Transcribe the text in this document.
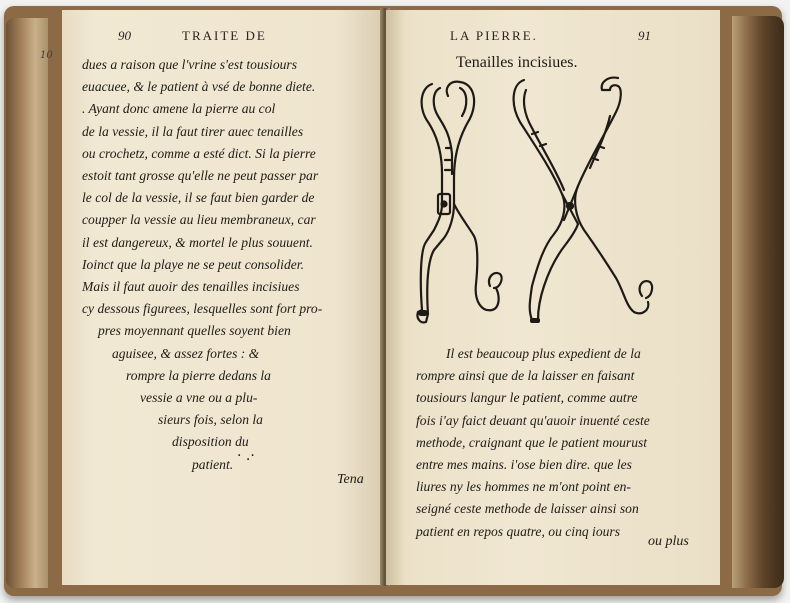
90	TRAITE DE
dues a raison que l'vrine s'est tousiours
euacuee, & le patient à vsé de bonne diete.
. Ayant donc amene la pierre au col
de la vessie, il la faut tirer auec tenailles
ou crochetz, comme a esté dict. Si la pierre
estoit tant grosse qu'elle ne peut passer par
le col de la vessie, il se faut bien garder de
coupper la vessie au lieu membraneux, car
il est dangereux, & mortel le plus souuent.
Ioinct que la playe ne se peut consolider.
Mais il faut auoir des tenailles incisiues
cy dessous figurees, lesquelles sont fort pro-
pres moyennant quelles soyent bien
aguisee, & assez fortes : &
rompre la pierre dedans la
vessie a vne ou a plu-
sieurs fois, selon la
disposition du
patient.
· .·
Tena
10
LA PIERRE.	91
Tenailles incisiues.
Il est beaucoup plus expedient de la
rompre ainsi que de la laisser en faisant
tousiours langur le patient, comme autre
fois i'ay faict deuant qu'auoir inuenté ceste
methode, craignant que le patient mourust
entre mes mains. i'ose bien dire. que les
liures ny les hommes ne m'ont point en-
seigné ceste methode de laisser ainsi son
patient en repos quatre, ou cinq iours
ou plus
